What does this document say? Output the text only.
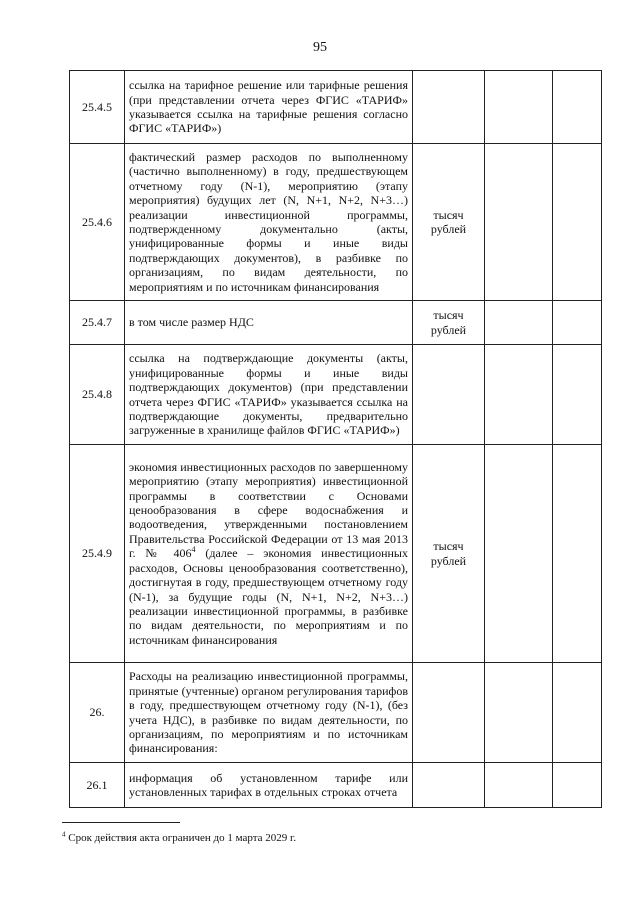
95
25.4.5	ссылка на тарифное решение или тарифные решения (при представлении отчета через ФГИС «ТАРИФ» указывается ссылка на тарифные решения согласно ФГИС «ТАРИФ»)			
25.4.6	фактический размер расходов по выполненному (частично выполненному) в году, предшествующем отчетному году (N-1), мероприятию (этапу мероприятия) будущих лет (N, N+1, N+2, N+3…) реализации инвестиционной программы, подтвержденному документально (акты, унифицированные формы и иные виды подтверждающих документов), в разбивке по организациям, по видам деятельности, по мероприятиям и по источникам финансирования	тысяч рублей		
25.4.7	в том числе размер НДС	тысяч рублей		
25.4.8	ссылка на подтверждающие документы (акты, унифицированные формы и иные виды подтверждающих документов) (при представлении отчета через ФГИС «ТАРИФ» указывается ссылка на подтверждающие документы, предварительно загруженные в хранилище файлов ФГИС «ТАРИФ»)			
25.4.9	экономия инвестиционных расходов по завершенному мероприятию (этапу мероприятия) инвестиционной программы в соответствии с Основами ценообразования в сфере водоснабжения и водоотведения, утвержденными постановлением Правительства Российской Федерации от 13 мая 2013 г. № $406^4$ (далее – экономия инвестиционных расходов, Основы ценообразования соответственно), достигнутая в году, предшествующем отчетному году (N-1), за будущие годы (N, N+1, N+2, N+3…) реализации инвестиционной программы, в разбивке по видам деятельности, по мероприятиям и по источникам финансирования	тысяч рублей		
26.	Расходы на реализацию инвестиционной программы, принятые (учтенные) органом регулирования тарифов в году, предшествующем отчетному году (N-1), (без учета НДС), в разбивке по видам деятельности, по организациям, по мероприятиям и по источникам финансирования:			
26.1	информация об установленном тарифе или установленных тарифах в отдельных строках отчета			
$^4$ Срок действия акта ограничен до 1 марта 2029 г.
